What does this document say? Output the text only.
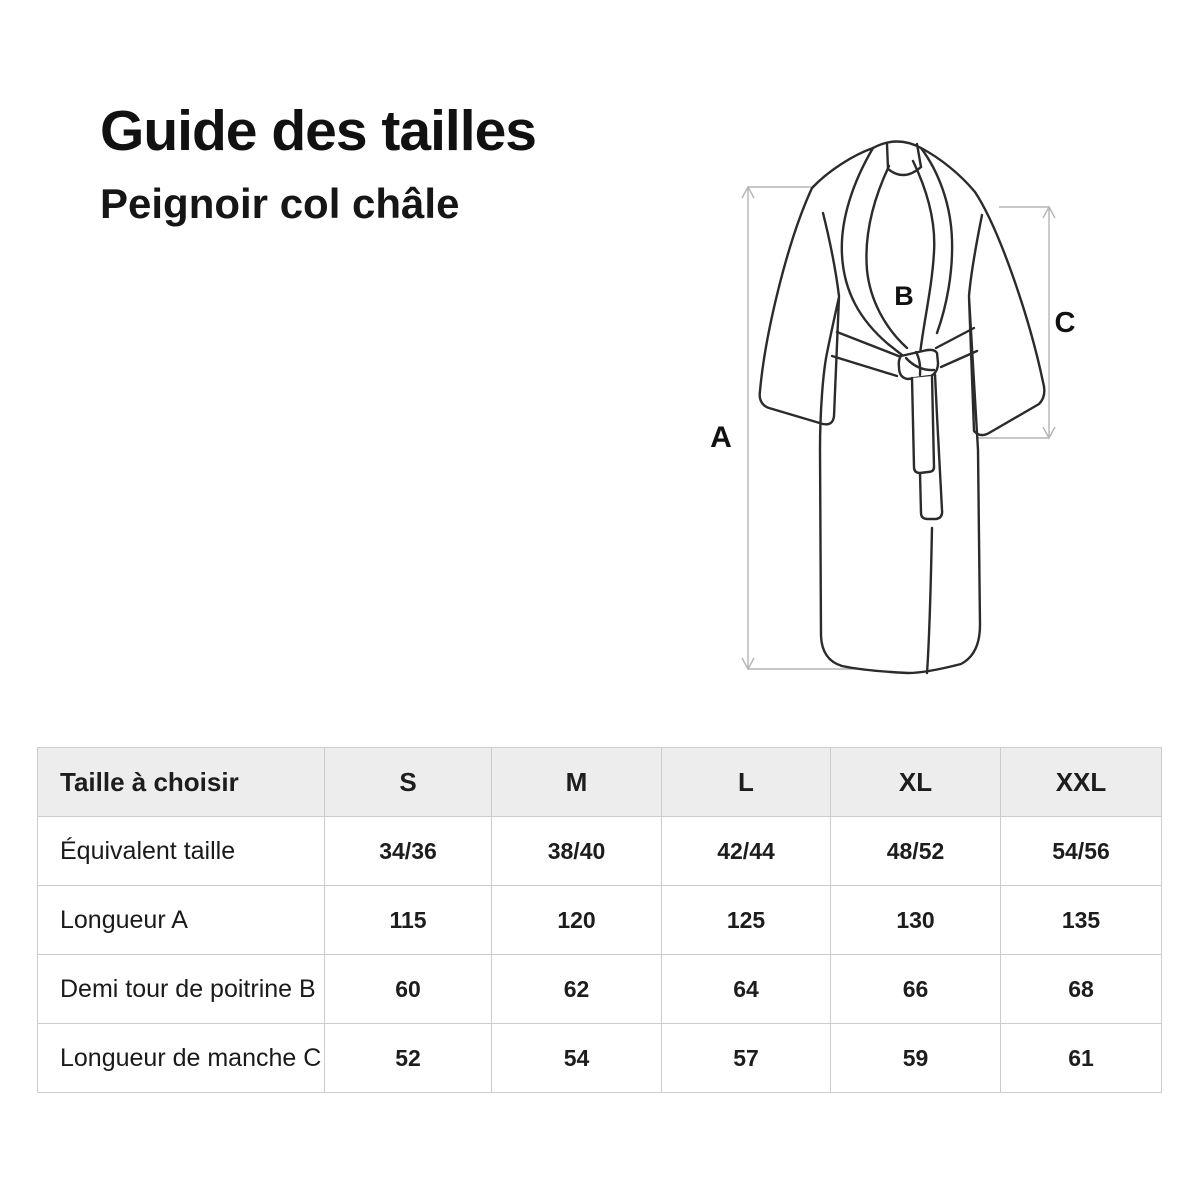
Guide des tailles
Peignoir col châle
A
B
C
Taille à choisir	S	M	L	XL	XXL
Équivalent taille	34/36	38/40	42/44	48/52	54/56
Longueur A	115	120	125	130	135
Demi tour de poitrine B	60	62	64	66	68
Longueur de manche C	52	54	57	59	61
